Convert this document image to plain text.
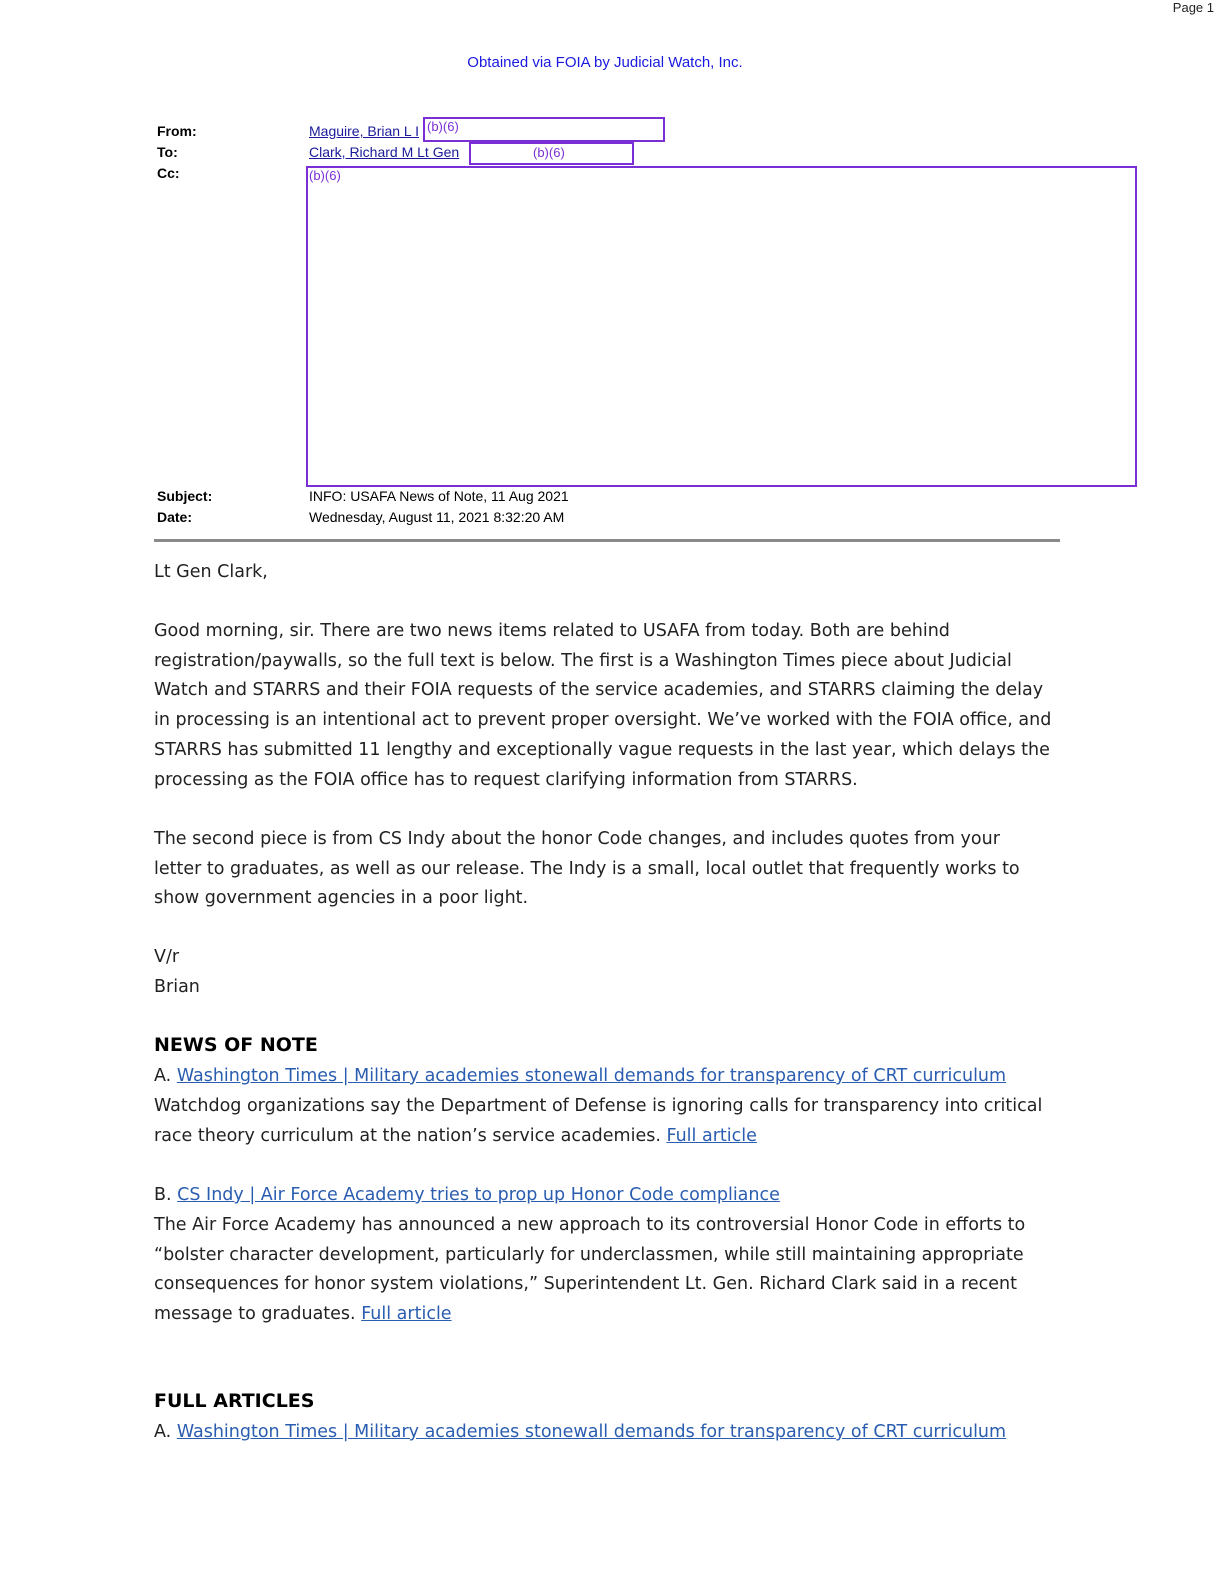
Page 1
Obtained via FOIA by Judicial Watch, Inc.
From:	Maguire, Brian L I (b)(6)
To:	Clark, Richard M Lt Gen	(b)(6)
Cc:	(b)(6)
Subject:	INFO: USAFA News of Note, 11 Aug 2021
Date:	Wednesday, August 11, 2021 8:32:20 AM

Lt Gen Clark,

Good morning, sir. There are two news items related to USAFA from today. Both are behind registration/paywalls, so the full text is below. The first is a Washington Times piece about Judicial Watch and STARRS and their FOIA requests of the service academies, and STARRS claiming the delay in processing is an intentional act to prevent proper oversight. We’ve worked with the FOIA office, and STARRS has submitted 11 lengthy and exceptionally vague requests in the last year, which delays the processing as the FOIA office has to request clarifying information from STARRS.

The second piece is from CS Indy about the honor Code changes, and includes quotes from your letter to graduates, as well as our release. The Indy is a small, local outlet that frequently works to show government agencies in a poor light.

V/r

Brian

NEWS OF NOTE

A. Washington Times | Military academies stonewall demands for transparency of CRT curriculum

Watchdog organizations say the Department of Defense is ignoring calls for transparency into critical race theory curriculum at the nation’s service academies. Full article

B. CS Indy | Air Force Academy tries to prop up Honor Code compliance

The Air Force Academy has announced a new approach to its controversial Honor Code in efforts to “bolster character development, particularly for underclassmen, while still maintaining appropriate consequences for honor system violations,” Superintendent Lt. Gen. Richard Clark said in a recent message to graduates. Full article

FULL ARTICLES

A. Washington Times | Military academies stonewall demands for transparency of CRT curriculum
